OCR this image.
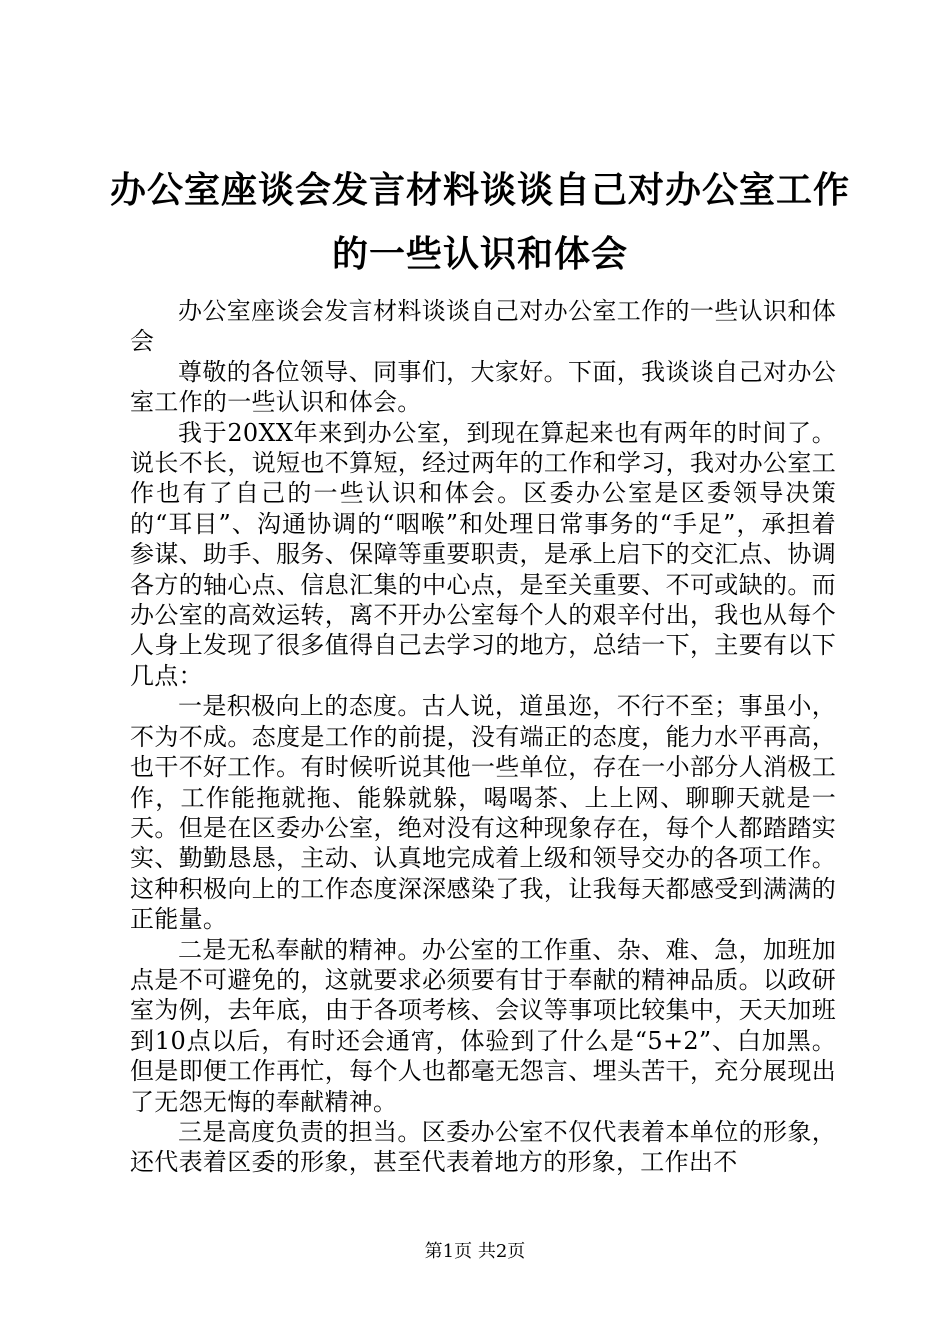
办公室座谈会发言材料谈谈自己对办公室工作的一些认识和体会

办公室座谈会发言材料谈谈自己对办公室工作的一些认识和体会

尊敬的各位领导、同事们，大家好。下面，我谈谈自己对办公室工作的一些认识和体会。

我于20XX年来到办公室，到现在算起来也有两年的时间了。说长不长，说短也不算短，经过两年的工作和学习，我对办公室工作也有了自己的一些认识和体会。区委办公室是区委领导决策的“耳目”、沟通协调的“咽喉”和处理日常事务的“手足”，承担着参谋、助手、服务、保障等重要职责，是承上启下的交汇点、协调各方的轴心点、信息汇集的中心点，是至关重要、不可或缺的。而办公室的高效运转，离不开办公室每个人的艰辛付出，我也从每个人身上发现了很多值得自己去学习的地方，总结一下，主要有以下几点：

一是积极向上的态度。古人说，道虽迩，不行不至；事虽小，不为不成。态度是工作的前提，没有端正的态度，能力水平再高，也干不好工作。有时候听说其他一些单位，存在一小部分人消极工作，工作能拖就拖、能躲就躲，喝喝茶、上上网、聊聊天就是一天。但是在区委办公室，绝对没有这种现象存在，每个人都踏踏实实、勤勤恳恳，主动、认真地完成着上级和领导交办的各项工作。这种积极向上的工作态度深深感染了我，让我每天都感受到满满的正能量。

二是无私奉献的精神。办公室的工作重、杂、难、急，加班加点是不可避免的，这就要求必须要有甘于奉献的精神品质。以政研室为例，去年底，由于各项考核、会议等事项比较集中，天天加班到10点以后，有时还会通宵，体验到了什么是“5+2”、白加黑。但是即便工作再忙，每个人也都毫无怨言、埋头苦干，充分展现出了无怨无悔的奉献精神。

三是高度负责的担当。区委办公室不仅代表着本单位的形象，还代表着区委的形象，甚至代表着地方的形象，工作出不

第1页 共2页
